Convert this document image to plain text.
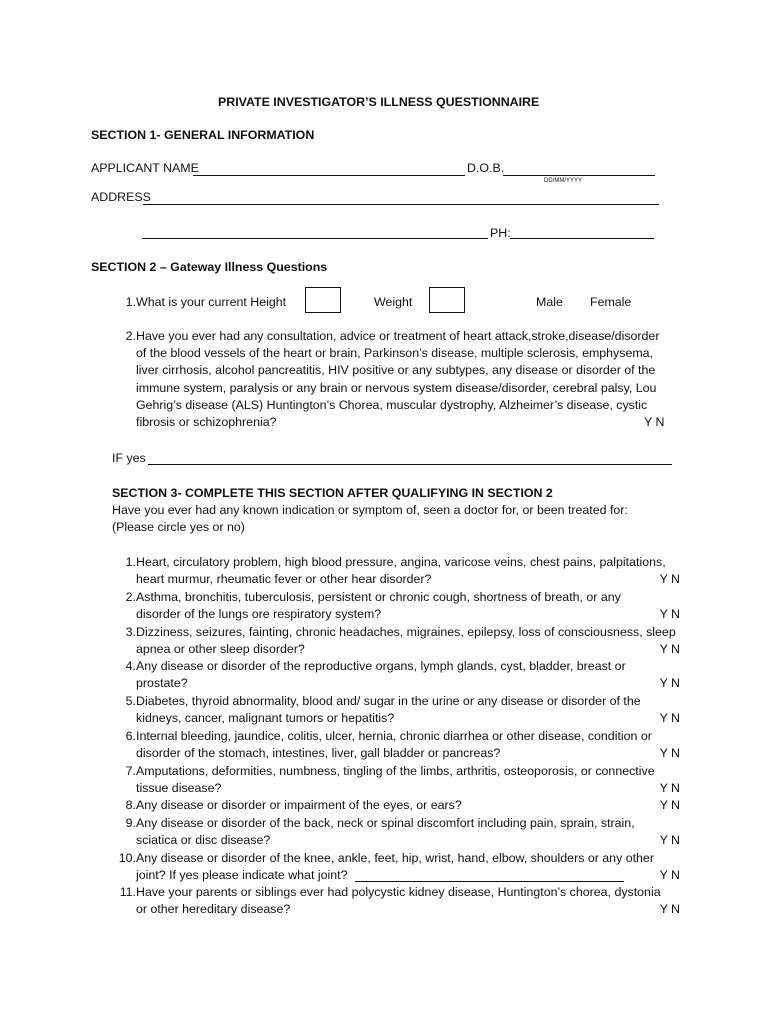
PRIVATE INVESTIGATOR’S ILLNESS QUESTIONNAIRE
SECTION 1- GENERAL INFORMATION
APPLICANT NAME	D.O.B.
DD/MM/YYYY
ADDRESS
PH:
SECTION 2 – Gateway Illness Questions
1. What is your current Height	Weight	Male Female
2. Have you ever had any consultation, advice or treatment of heart attack,stroke,disease/disorder
of the blood vessels of the heart or brain, Parkinson’s disease, multiple sclerosis, emphysema,
liver cirrhosis, alcohol pancreatitis, HIV positive or any subtypes, any disease or disorder of the
immune system, paralysis or any brain or nervous system disease/disorder, cerebral palsy, Lou
Gehrig’s disease (ALS) Huntington’s Chorea, muscular dystrophy, Alzheimer’s disease, cystic
fibrosis or schizophrenia?	Y N
IF yes
SECTION 3- COMPLETE THIS SECTION AFTER QUALIFYING IN SECTION 2
Have you ever had any known indication or symptom of, seen a doctor for, or been treated for:
(Please circle yes or no)
1. Heart, circulatory problem, high blood pressure, angina, varicose veins, chest pains, palpitations,
heart murmur, rheumatic fever or other hear disorder?	Y N
2. Asthma, bronchitis, tuberculosis, persistent or chronic cough, shortness of breath, or any
disorder of the lungs ore respiratory system?	Y N
3. Dizziness, seizures, fainting, chronic headaches, migraines, epilepsy, loss of consciousness, sleep
apnea or other sleep disorder?	Y N
4. Any disease or disorder of the reproductive organs, lymph glands, cyst, bladder, breast or
prostate?	Y N
5. Diabetes, thyroid abnormality, blood and/ sugar in the urine or any disease or disorder of the
kidneys, cancer, malignant tumors or hepatitis?	Y N
6. Internal bleeding, jaundice, colitis, ulcer, hernia, chronic diarrhea or other disease, condition or
disorder of the stomach, intestines, liver, gall bladder or pancreas?	Y N
7. Amputations, deformities, numbness, tingling of the limbs, arthritis, osteoporosis, or connective
tissue disease?	Y N
8. Any disease or disorder or impairment of the eyes, or ears?	Y N
9. Any disease or disorder of the back, neck or spinal discomfort including pain, sprain, strain,
sciatica or disc disease?	Y N
10. Any disease or disorder of the knee, ankle, feet, hip, wrist, hand, elbow, shoulders or any other
joint? If yes please indicate what joint?	Y N
11. Have your parents or siblings ever had polycystic kidney disease, Huntington’s chorea, dystonia
or other hereditary disease?	Y N
